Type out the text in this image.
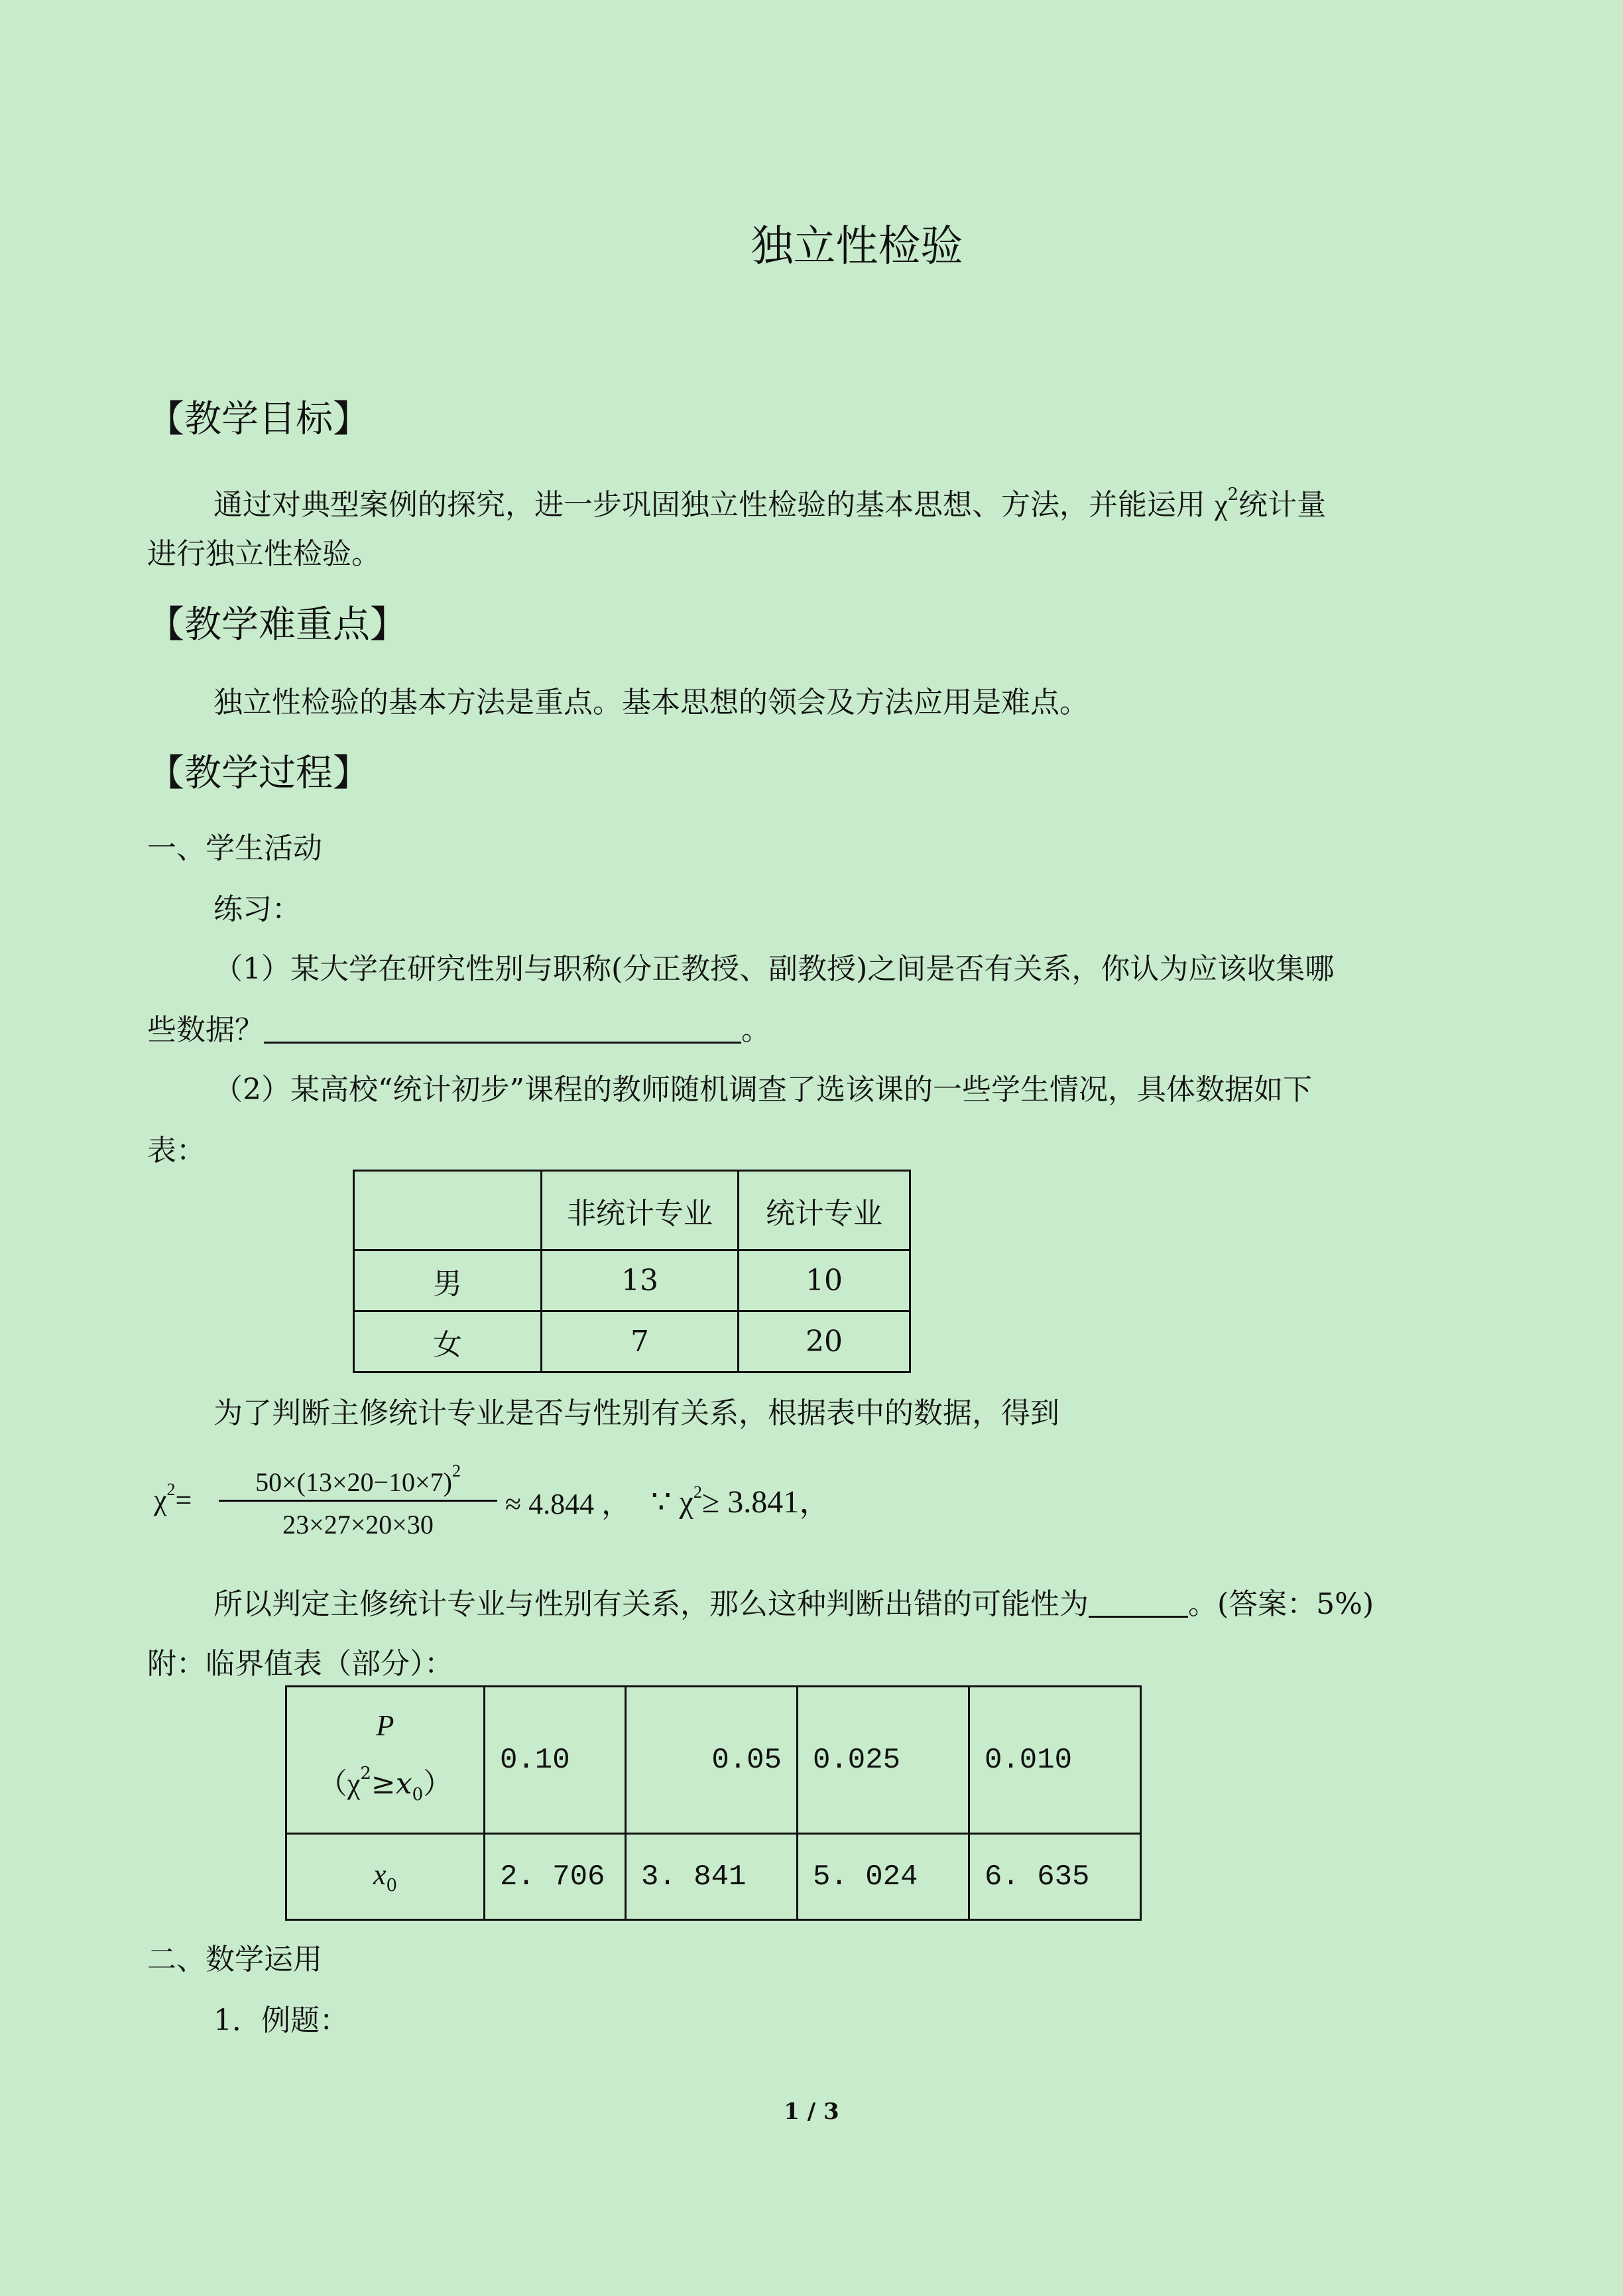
独立性检验
【教学目标】
通过对典型案例的探究，进一步巩固独立性检验的基本思想、方法，并能运用 $\chi^2$统计量
进行独立性检验。
【教学难重点】
独立性检验的基本方法是重点。基本思想的领会及方法应用是难点。
【教学过程】
一、学生活动
练习：
（1）某大学在研究性别与职称(分正教授、副教授)之间是否有关系，你认为应该收集哪
些数据？	。
（2）某高校“统计初步”课程的教师随机调查了选该课的一些学生情况，具体数据如下
表：
	非统计专业	统计专业
男	13	10
女	7	20
为了判断主修统计专业是否与性别有关系，根据表中的数据，得到
$\chi^2=$
$50\times(13\times 20-10\times 7)^2$
23×27×20×30
≈ 4.844 ， ∵ $\chi^2\ge 3.841$，
所以判定主修统计专业与性别有关系，那么这种判断出错的可能性为	。(答案：5%)
附：临界值表（部分）：
P
$(\chi^2\ge x_0)$	0.10	0.05	0.025	0.010
$x_0$	2. 706	3. 841	5. 024	6. 635
二、数学运用
1．例题：
1 / 3
